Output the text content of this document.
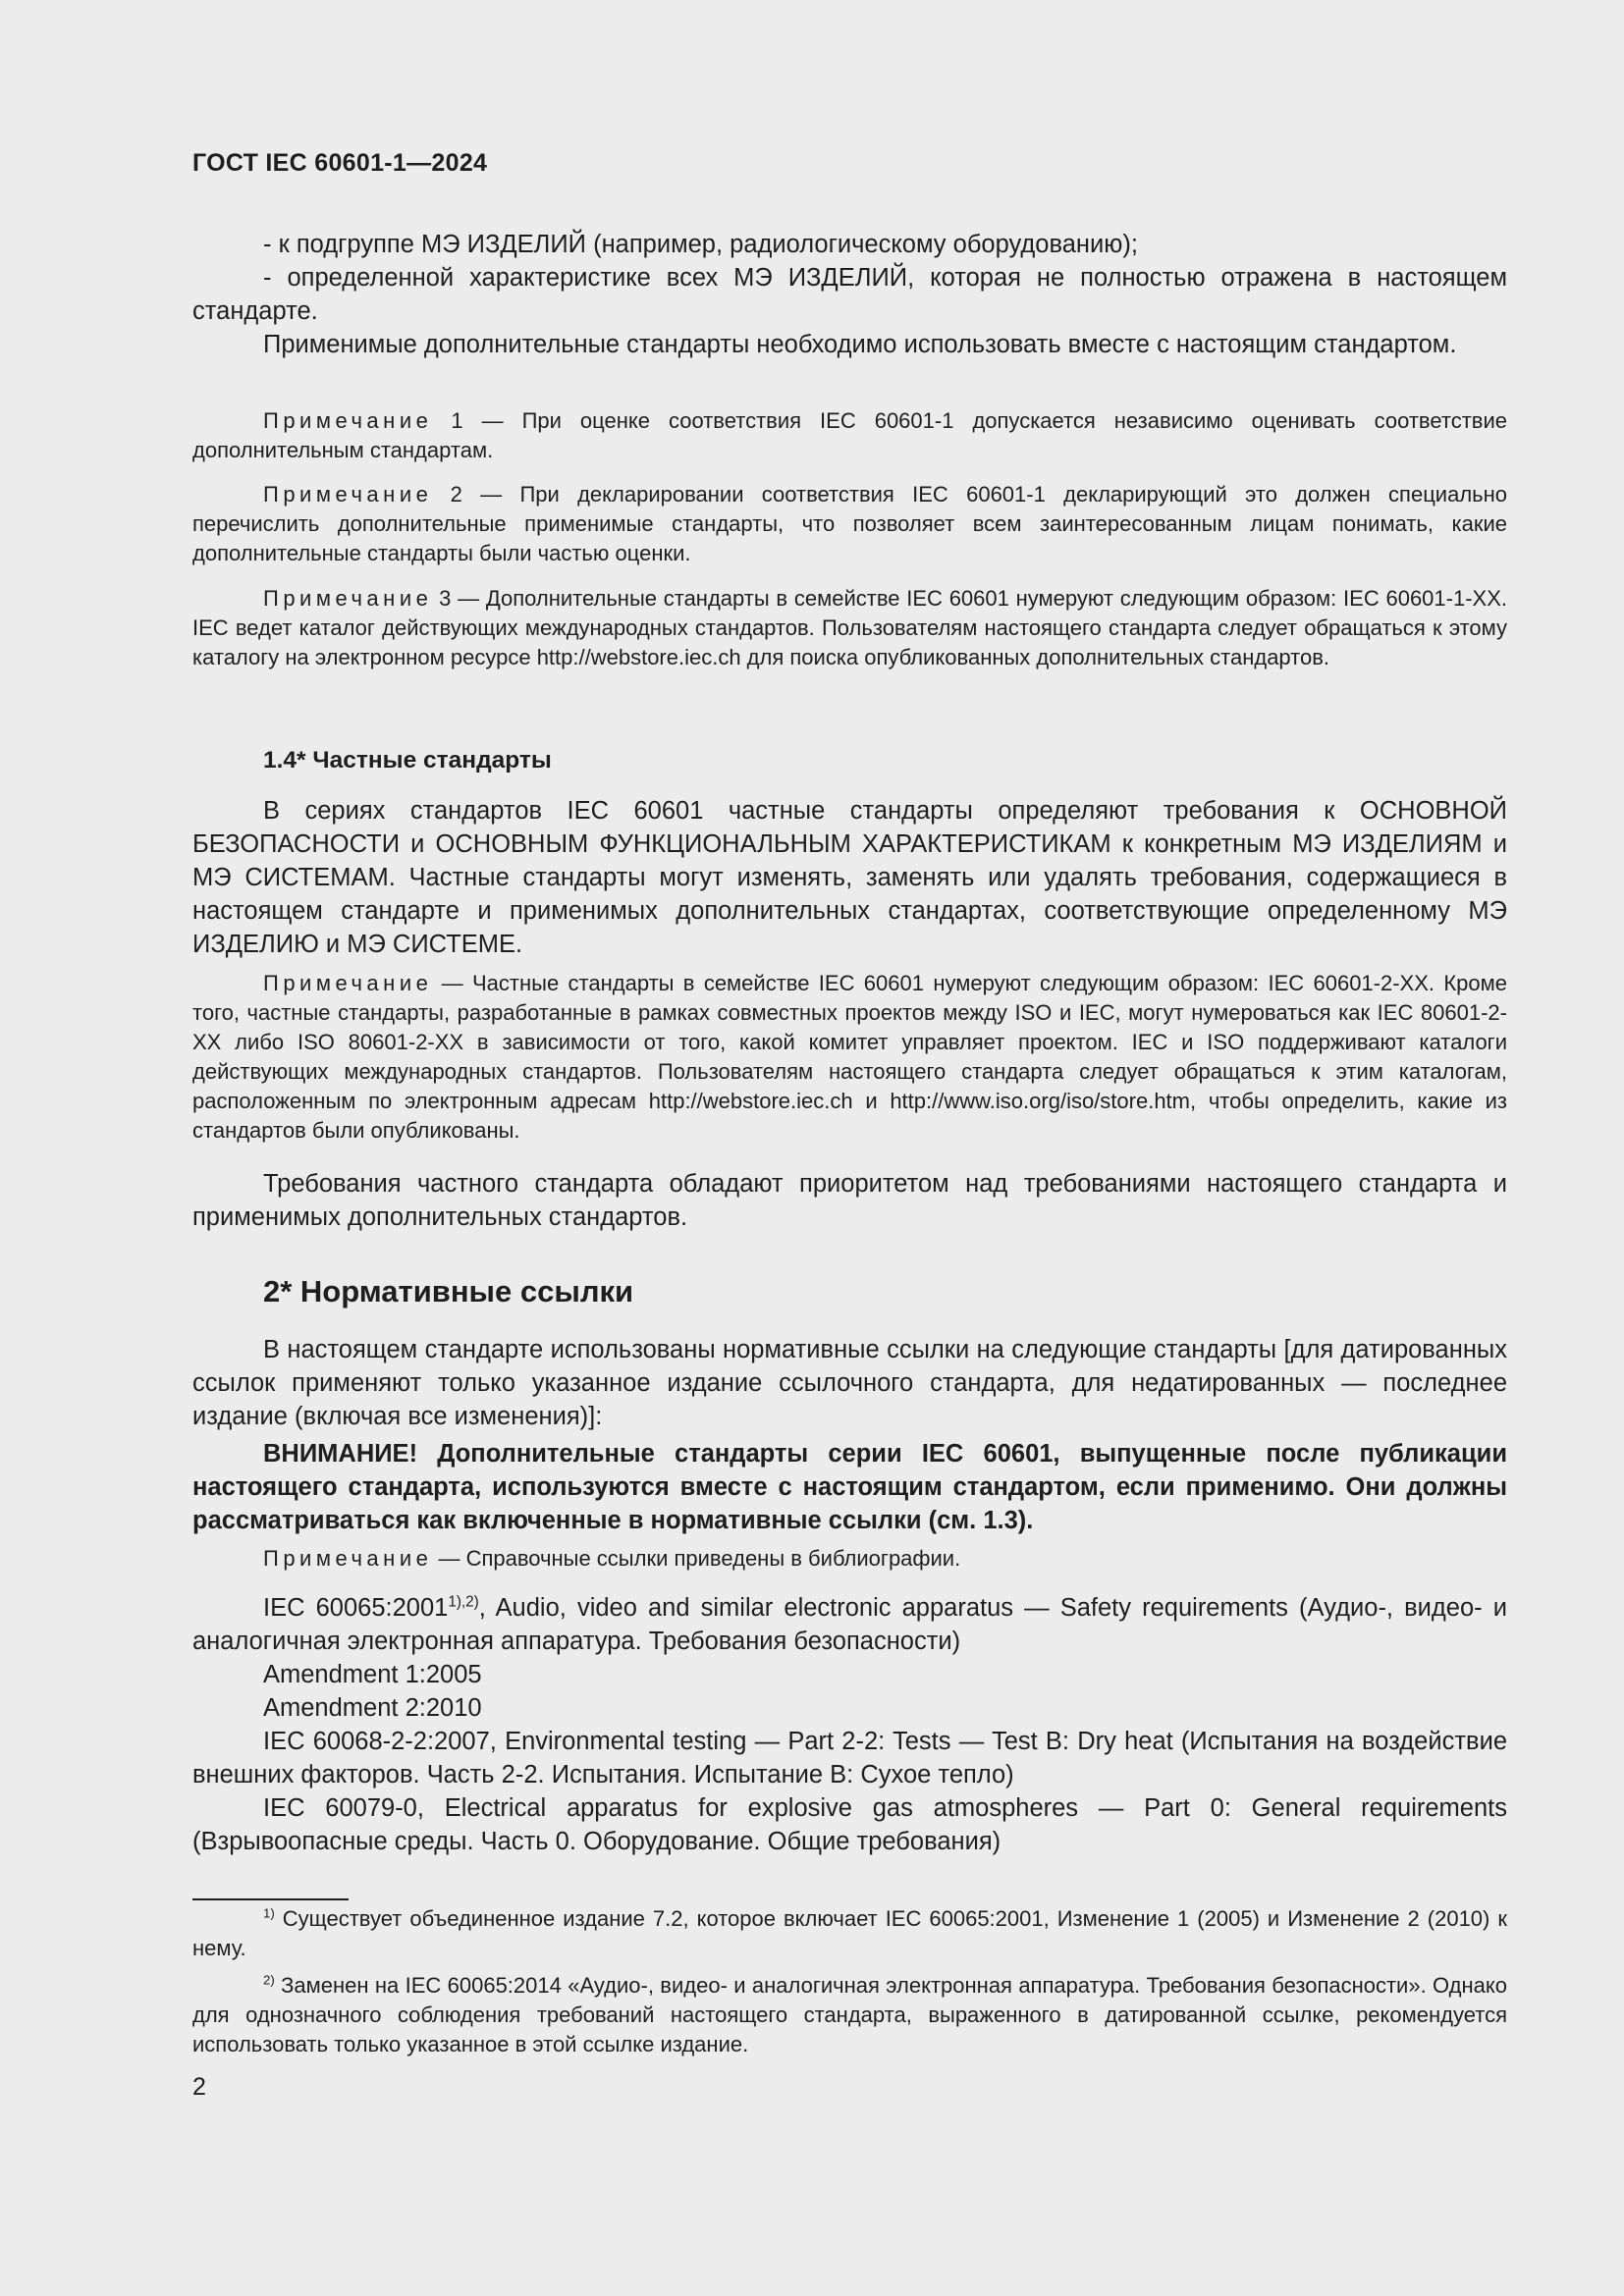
ГОСТ IEC 60601-1—2024

- к подгруппе МЭ ИЗДЕЛИЙ (например, радиологическому оборудованию);

- определенной характеристике всех МЭ ИЗДЕЛИЙ, которая не полностью отражена в настоящем стандарте.

Применимые дополнительные стандарты необходимо использовать вместе с настоящим стандартом.

Примечание 1 — При оценке соответствия IEC 60601-1 допускается независимо оценивать соответствие дополнительным стандартам.

Примечание 2 — При декларировании соответствия IEC 60601-1 декларирующий это должен специально перечислить дополнительные применимые стандарты, что позволяет всем заинтересованным лицам понимать, какие дополнительные стандарты были частью оценки.

Примечание 3 — Дополнительные стандарты в семействе IEC 60601 нумеруют следующим образом: IEC 60601-1-XX. IEC ведет каталог действующих международных стандартов. Пользователям настоящего стандарта следует обращаться к этому каталогу на электронном ресурсе http://webstore.iec.ch для поиска опубликованных дополнительных стандартов.

1.4* Частные стандарты

В сериях стандартов IEC 60601 частные стандарты определяют требования к ОСНОВНОЙ БЕЗОПАСНОСТИ и ОСНОВНЫМ ФУНКЦИОНАЛЬНЫМ ХАРАКТЕРИСТИКАМ к конкретным МЭ ИЗДЕЛИЯМ и МЭ СИСТЕМАМ. Частные стандарты могут изменять, заменять или удалять требования, содержащиеся в настоящем стандарте и применимых дополнительных стандартах, соответствующие определенному МЭ ИЗДЕЛИЮ и МЭ СИСТЕМЕ.

Примечание — Частные стандарты в семействе IEC 60601 нумеруют следующим образом: IEC 60601-2-XX. Кроме того, частные стандарты, разработанные в рамках совместных проектов между ISO и IEC, могут нумероваться как IEC 80601-2-XX либо ISO 80601-2-XX в зависимости от того, какой комитет управляет проектом. IEC и ISO поддерживают каталоги действующих международных стандартов. Пользователям настоящего стандарта следует обращаться к этим каталогам, расположенным по электронным адресам http://webstore.iec.ch и http://www.iso.org/iso/store.htm, чтобы определить, какие из стандартов были опубликованы.

Требования частного стандарта обладают приоритетом над требованиями настоящего стандарта и применимых дополнительных стандартов.

2* Нормативные ссылки

В настоящем стандарте использованы нормативные ссылки на следующие стандарты [для датированных ссылок применяют только указанное издание ссылочного стандарта, для недатированных — последнее издание (включая все изменения)]:

ВНИМАНИЕ! Дополнительные стандарты серии IEC 60601, выпущенные после публикации настоящего стандарта, используются вместе с настоящим стандартом, если применимо. Они должны рассматриваться как включенные в нормативные ссылки (см. 1.3).

Примечание — Справочные ссылки приведены в библиографии.

IEC $60065:2001^{1),2)}$, Audio, video and similar electronic apparatus — Safety requirements (Аудио-, видео- и аналогичная электронная аппаратура. Требования безопасности)

Amendment 1:2005

Amendment 2:2010

IEC 60068-2-2:2007, Environmental testing — Part 2-2: Tests — Test B: Dry heat (Испытания на воздействие внешних факторов. Часть 2-2. Испытания. Испытание B: Сухое тепло)

IEC 60079-0, Electrical apparatus for explosive gas atmospheres — Part 0: General requirements (Взрывоопасные среды. Часть 0. Оборудование. Общие требования)

$^{1)}$ Существует объединенное издание 7.2, которое включает IEC 60065:2001, Изменение 1 (2005) и Изменение 2 (2010) к нему.

$^{2)}$ Заменен на IEC 60065:2014 «Аудио-, видео- и аналогичная электронная аппаратура. Требования безопасности». Однако для однозначного соблюдения требований настоящего стандарта, выраженного в датированной ссылке, рекомендуется использовать только указанное в этой ссылке издание.

2
